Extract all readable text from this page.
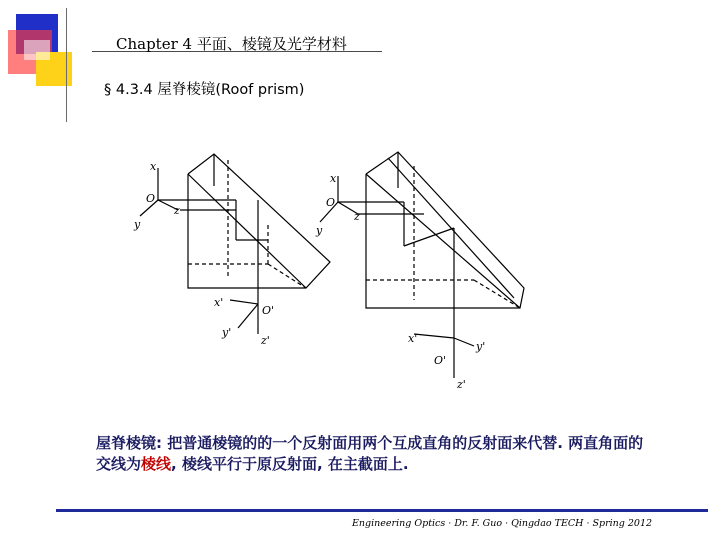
Chapter 4 平面、棱镜及光学材料
§ 4.3.4 屋脊棱镜(Roof prism)
x
O
z
y
x'
O'
y'
z'
x
O
z
y
x'
y'
O'
z'
屋脊棱镜: 把普通棱镜的的一个反射面用两个互成直角的反射面来代替. 两直角面的交线为棱线, 棱线平行于原反射面, 在主截面上.
Engineering Optics · Dr. F. Guo · Qingdao TECH · Spring 2012
